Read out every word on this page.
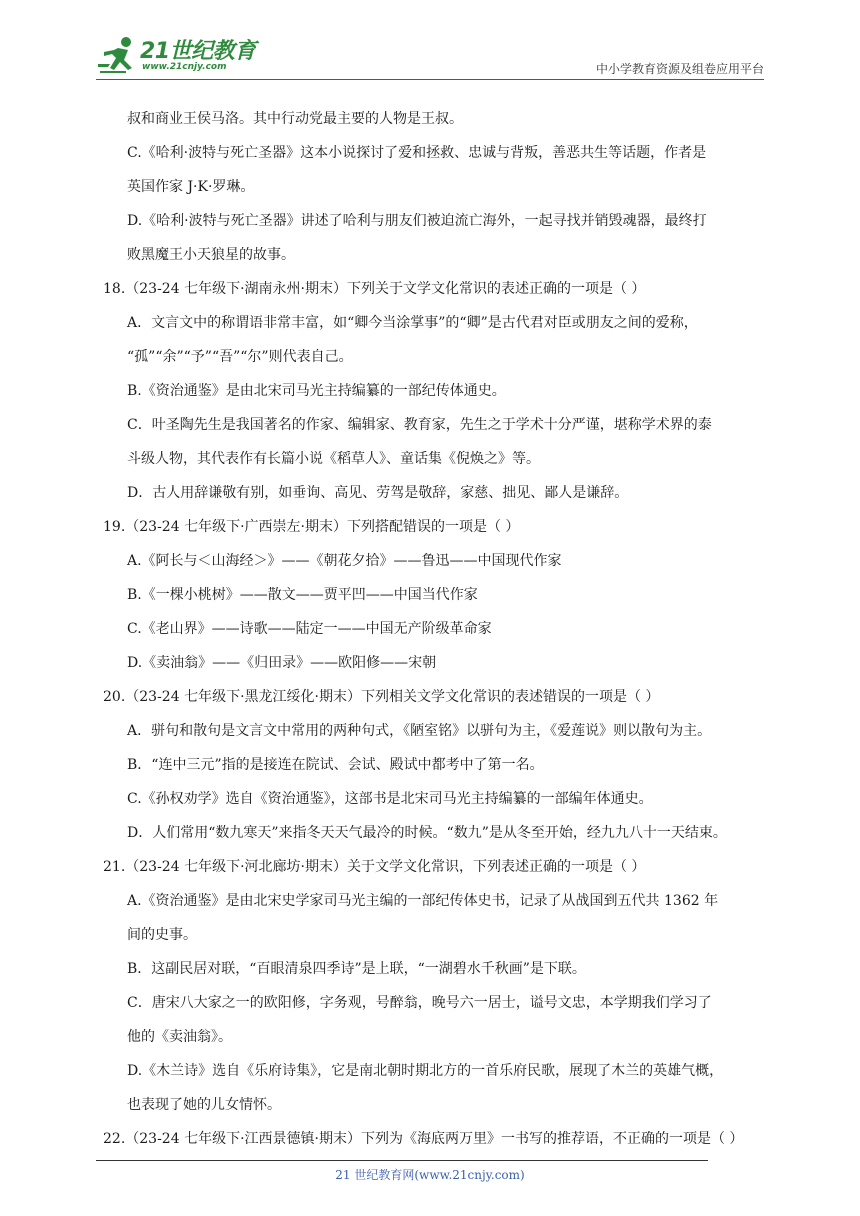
21世纪教育
www.21cnjy.com	中小学教育资源及组卷应用平台
叔和商业王侯马洛。其中行动党最主要的人物是王叔。
C.《哈利·波特与死亡圣器》这本小说探讨了爱和拯救、忠诚与背叛，善恶共生等话题，作者是
英国作家 J·K·罗琳。
D.《哈利·波特与死亡圣器》讲述了哈利与朋友们被迫流亡海外，一起寻找并销毁魂器，最终打
败黑魔王小天狼星的故事。
18.（23-24 七年级下·湖南永州·期末）下列关于文学文化常识的表述正确的一项是（ ）
A．文言文中的称谓语非常丰富，如“卿今当涂掌事”的“卿”是古代君对臣或朋友之间的爱称，
“孤”“余”“予”“吾”“尔”则代表自己。
B.《资治通鉴》是由北宋司马光主持编纂的一部纪传体通史。
C．叶圣陶先生是我国著名的作家、编辑家、教育家，先生之于学术十分严谨，堪称学术界的泰
斗级人物，其代表作有长篇小说《稻草人》、童话集《倪焕之》等。
D．古人用辞谦敬有别，如垂询、高见、劳驾是敬辞，家慈、拙见、鄙人是谦辞。
19.（23-24 七年级下·广西崇左·期末）下列搭配错误的一项是（ ）
A.《阿长与＜山海经＞》——《朝花夕拾》——鲁迅——中国现代作家
B.《一棵小桃树》——散文——贾平凹——中国当代作家
C.《老山界》——诗歌——陆定一——中国无产阶级革命家
D.《卖油翁》——《归田录》——欧阳修——宋朝
20.（23-24 七年级下·黑龙江绥化·期末）下列相关文学文化常识的表述错误的一项是（ ）
A．骈句和散句是文言文中常用的两种句式，《陋室铭》以骈句为主，《爱莲说》则以散句为主。
B．“连中三元”指的是接连在院试、会试、殿试中都考中了第一名。
C.《孙权劝学》选自《资治通鉴》，这部书是北宋司马光主持编纂的一部编年体通史。
D．人们常用“数九寒天”来指冬天天气最冷的时候。“数九”是从冬至开始，经九九八十一天结束。
21.（23-24 七年级下·河北廊坊·期末）关于文学文化常识，下列表述正确的一项是（ ）
A.《资治通鉴》是由北宋史学家司马光主编的一部纪传体史书，记录了从战国到五代共 1362 年
间的史事。
B．这副民居对联，“百眼清泉四季诗”是上联，“一湖碧水千秋画”是下联。
C．唐宋八大家之一的欧阳修，字务观，号醉翁，晚号六一居士，谥号文忠，本学期我们学习了
他的《卖油翁》。
D.《木兰诗》选自《乐府诗集》，它是南北朝时期北方的一首乐府民歌，展现了木兰的英雄气概，
也表现了她的儿女情怀。
22.（23-24 七年级下·江西景德镇·期末）下列为《海底两万里》一书写的推荐语，不正确的一项是（ ）
21 世纪教育网(www.21cnjy.com)
